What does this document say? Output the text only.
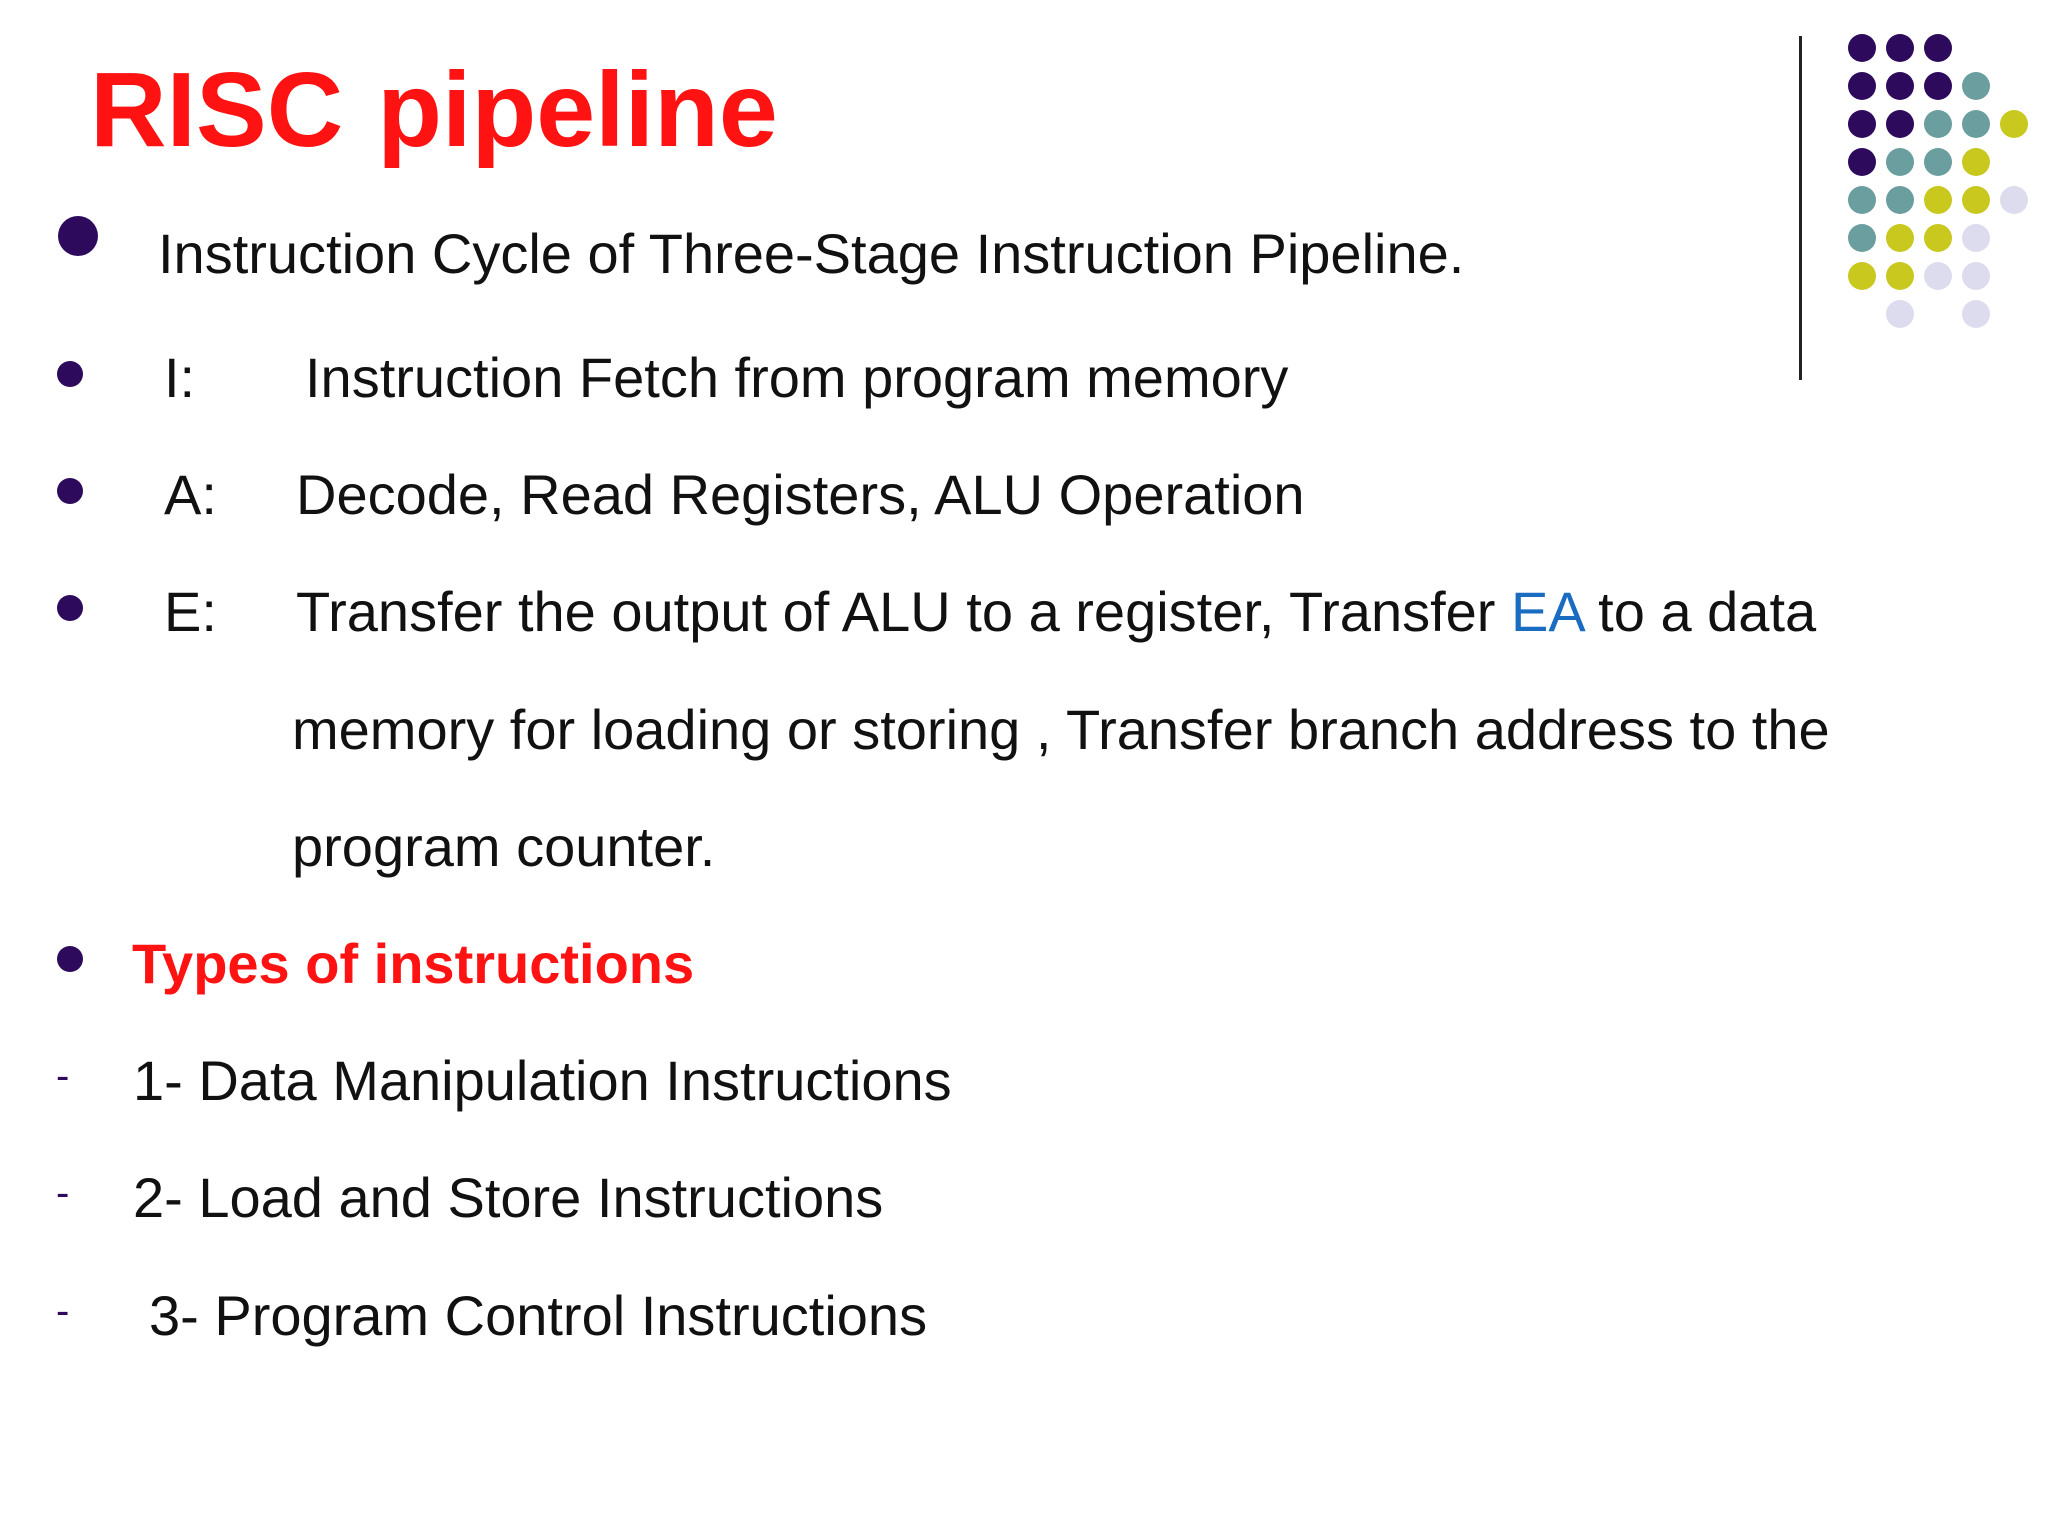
RISC pipeline
Instruction Cycle of Three-Stage Instruction Pipeline.
I: Instruction Fetch from program memory
A: Decode, Read Registers, ALU Operation
E: Transfer the output of ALU to a register, Transfer EA to a data
memory for loading or storing , Transfer branch address to the
program counter.
Types of instructions
- 1- Data Manipulation Instructions
- 2- Load and Store Instructions
- 3- Program Control Instructions
